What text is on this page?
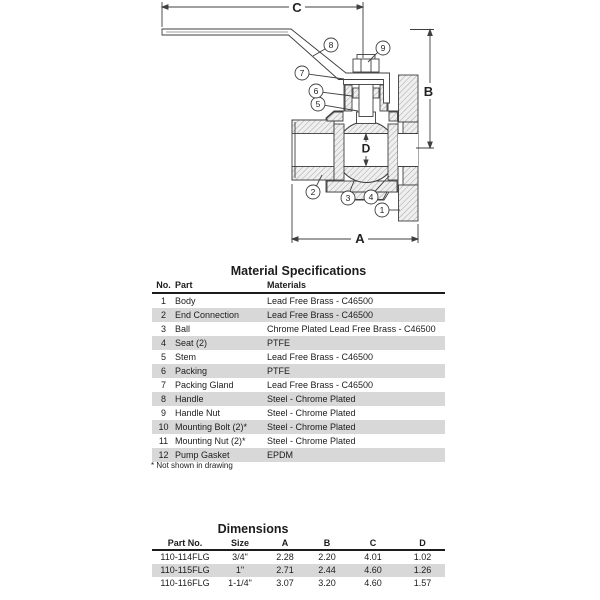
C
B
D
A
1
2
3 4
5
6
7
8	9
Material Specifications
No. Part	Materials
1	Body	Lead Free Brass - C46500
2	End Connection	Lead Free Brass - C46500
3	Ball	Chrome Plated Lead Free Brass - C46500
4	Seat (2)	PTFE
5	Stem	Lead Free Brass - C46500
6	Packing	PTFE
7	Packing Gland	Lead Free Brass - C46500
8	Handle	Steel - Chrome Plated
9	Handle Nut	Steel - Chrome Plated
10 Mounting Bolt (2)*	Steel - Chrome Plated
11 Mounting Nut (2)*	Steel - Chrome Plated
12 Pump Gasket	EPDM
* Not shown in drawing
Dimensions
Part No.	Size	A	B	C	D
110-114FLG	3/4"	2.28	2.20	4.01	1.02
110-115FLG	1"	2.71	2.44	4.60	1.26
110-116FLG	1-1/4"	3.07	3.20	4.60	1.57
